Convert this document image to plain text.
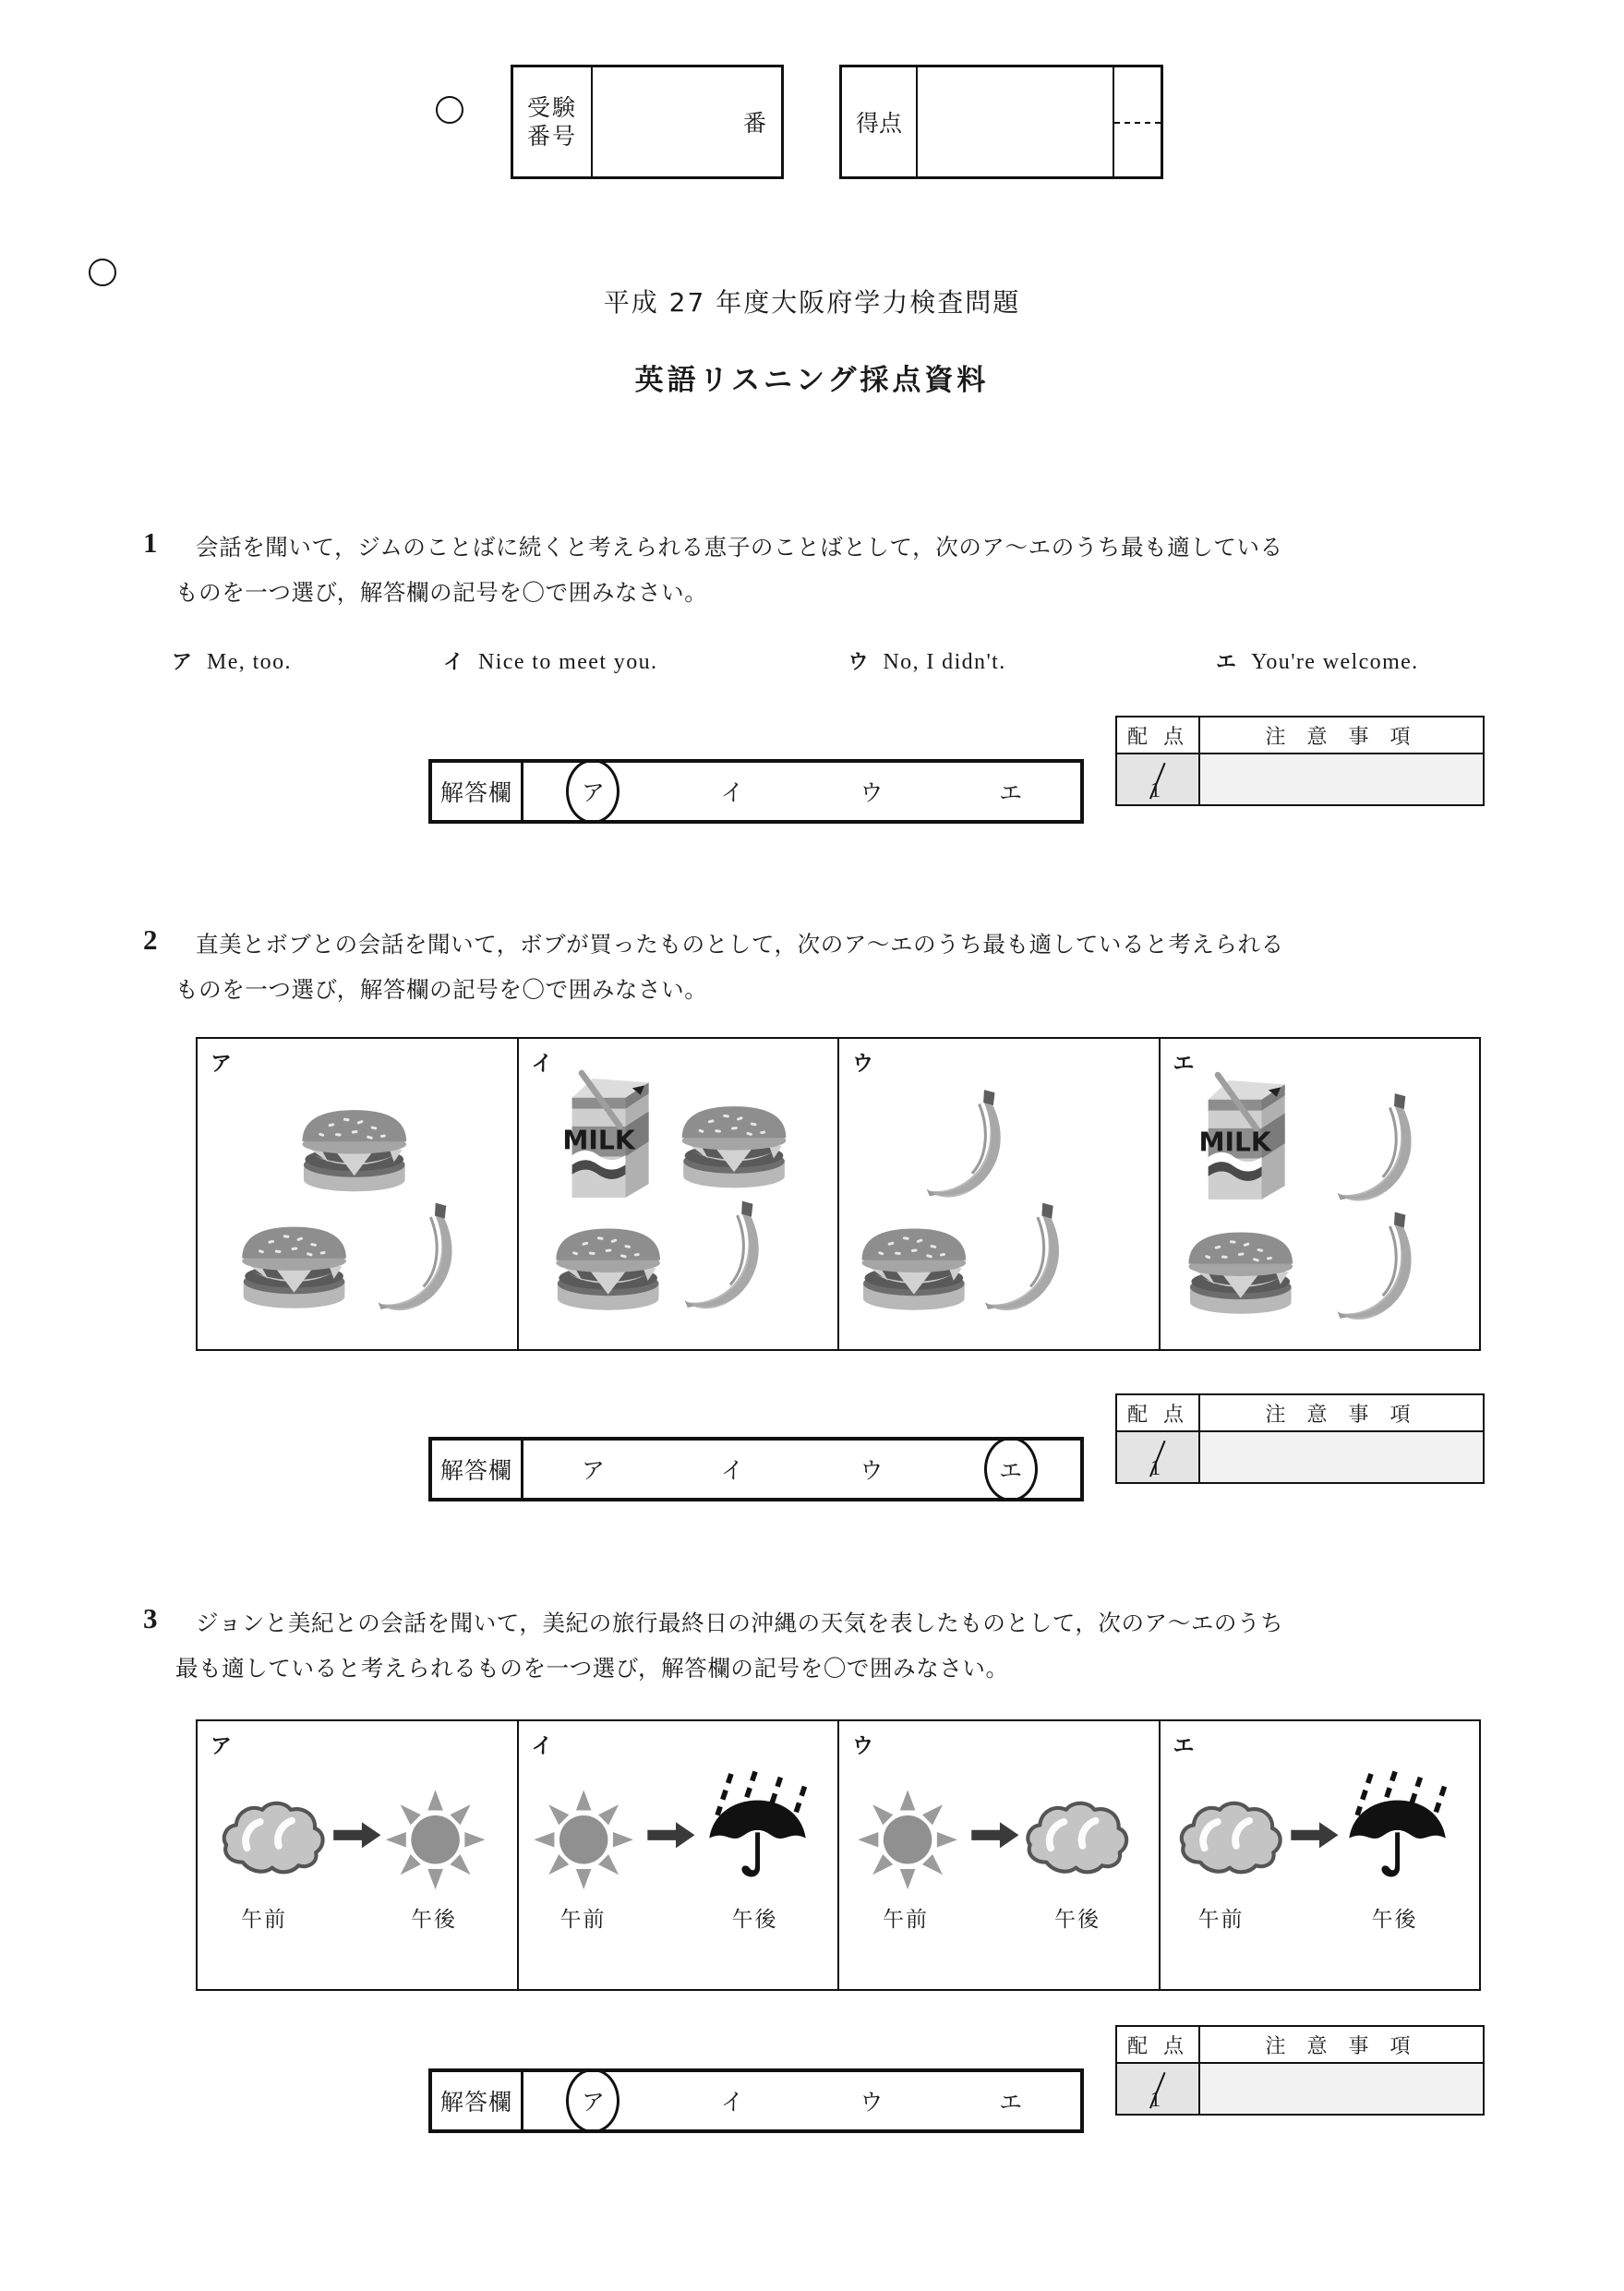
受験
番号	番	得点
平成 27 年度大阪府学力検査問題
英語リスニング採点資料
1 会話を聞いて，ジムのことばに続くと考えられる恵子のことばとして，次のア～エのうち最も適している
ものを一つ選び，解答欄の記号を〇で囲みなさい。
ア Me, too.	イ Nice to meet you.	ウ No, I didn't.	エ You're welcome.
解答欄	ア	イ	ウ	エ
配 点	注 意 事 項
1
2 直美とボブとの会話を聞いて，ボブが買ったものとして，次のア～エのうち最も適していると考えられる
ものを一つ選び，解答欄の記号を〇で囲みなさい。
ア	イ	ウ	エ
解答欄	ア	イ	ウ	エ
配 点	注 意 事 項
1
3 ジョンと美紀との会話を聞いて，美紀の旅行最終日の沖縄の天気を表したものとして，次のア～エのうち
最も適していると考えられるものを一つ選び，解答欄の記号を〇で囲みなさい。
ア
午前	午後
イ
午前	午後
ウ
午前	午後
エ
午前	午後
解答欄	ア	イ	ウ	エ
配 点	注 意 事 項
1
